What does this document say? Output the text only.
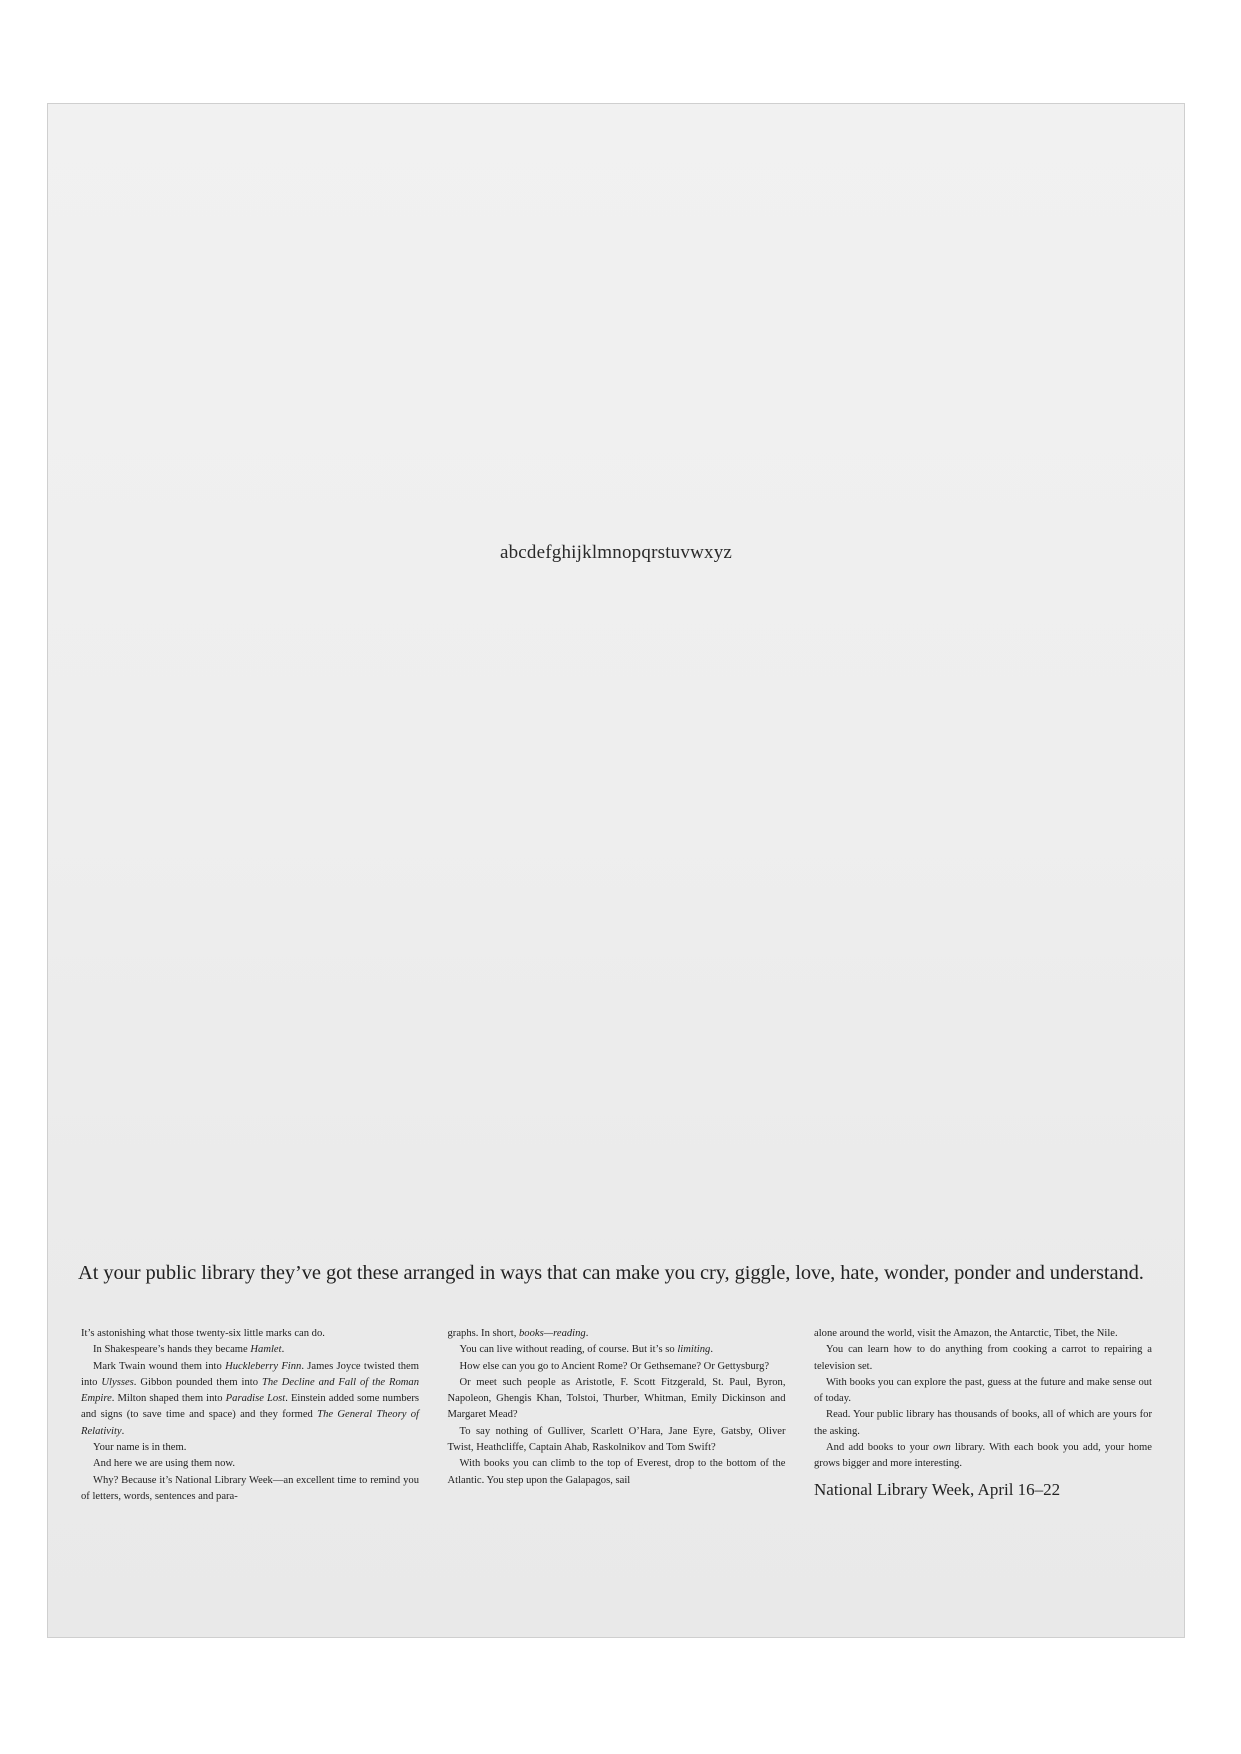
abcdefghijklmnopqrstuvwxyz
At your public library they’ve got these arranged in ways that can make you cry, giggle, love, hate, wonder, ponder and understand.

It’s astonishing what those twenty-six little marks can do.

In Shakespeare’s hands they became Hamlet.

Mark Twain wound them into Huckleberry Finn. James Joyce twisted them into Ulysses. Gibbon pounded them into The Decline and Fall of the Roman Empire. Milton shaped them into Paradise Lost. Einstein added some numbers and signs (to save time and space) and they formed The General Theory of Relativity.

Your name is in them.

And here we are using them now.

Why? Because it’s National Library Week—an excellent time to remind you of letters, words, sentences and para-

graphs. In short, books—reading.

You can live without reading, of course. But it’s so limiting.

How else can you go to Ancient Rome? Or Gethsemane? Or Gettysburg?

Or meet such people as Aristotle, F. Scott Fitzgerald, St. Paul, Byron, Napoleon, Ghengis Khan, Tolstoi, Thurber, Whitman, Emily Dickinson and Margaret Mead?

To say nothing of Gulliver, Scarlett O’Hara, Jane Eyre, Gatsby, Oliver Twist, Heathcliffe, Captain Ahab, Raskolnikov and Tom Swift?

With books you can climb to the top of Everest, drop to the bottom of the Atlantic. You step upon the Galapagos, sail

alone around the world, visit the Amazon, the Antarctic, Tibet, the Nile.

You can learn how to do anything from cooking a carrot to repairing a television set.

With books you can explore the past, guess at the future and make sense out of today.

Read. Your public library has thousands of books, all of which are yours for the asking.

And add books to your own library. With each book you add, your home grows bigger and more interesting.

National Library Week, April 16–22
